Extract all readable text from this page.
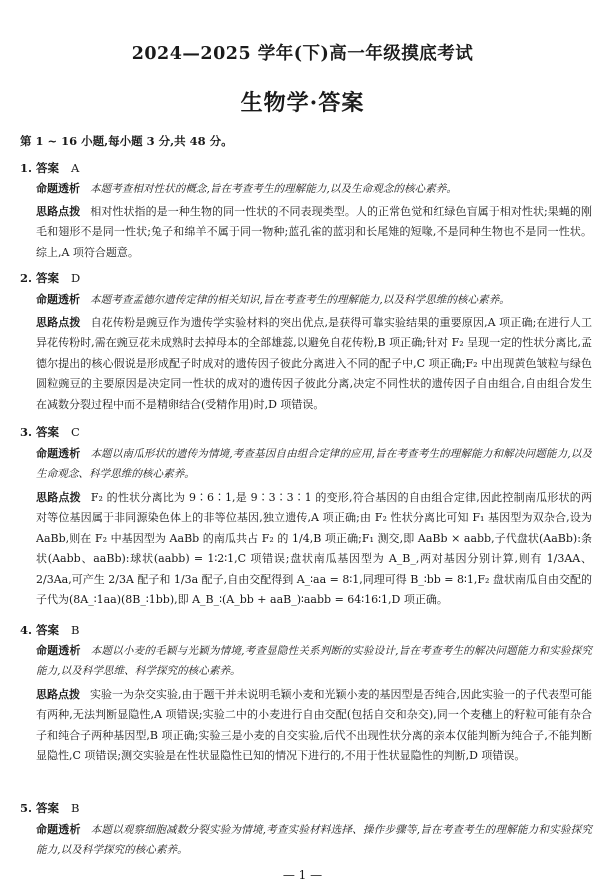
2024—2025 学年(下)高一年级摸底考试
生物学·答案
第 1 ~ 16 小题,每小题 3 分,共 48 分。
1. 答案 A
命题透析 本题考查相对性状的概念,旨在考查考生的理解能力,以及生命观念的核心素养。
思路点拨 相对性状指的是一种生物的同一性状的不同表现类型。人的正常色觉和红绿色盲属于相对性状;果蝇的刚毛和翅形不是同一性状;兔子和绵羊不属于同一物种;蓝孔雀的蓝羽和长尾雉的短喙,不是同种生物也不是同一性状。综上,A 项符合题意。
2. 答案 D
命题透析 本题考查孟德尔遗传定律的相关知识,旨在考查考生的理解能力,以及科学思维的核心素养。
思路点拨 自花传粉是豌豆作为遗传学实验材料的突出优点,是获得可靠实验结果的重要原因,A 项正确;在进行人工异花传粉时,需在豌豆花未成熟时去掉母本的全部雄蕊,以避免自花传粉,B 项正确;针对 F₂ 呈现一定的性状分离比,孟德尔提出的核心假说是形成配子时成对的遗传因子彼此分离进入不同的配子中,C 项正确;F₂ 中出现黄色皱粒与绿色圆粒豌豆的主要原因是决定同一性状的成对的遗传因子彼此分离,决定不同性状的遗传因子自由组合,自由组合发生在减数分裂过程中而不是精卵结合(受精作用)时,D 项错误。
3. 答案 C
命题透析 本题以南瓜形状的遗传为情境,考查基因自由组合定律的应用,旨在考查考生的理解能力和解决问题能力,以及生命观念、科学思维的核心素养。
思路点拨 F₂ 的性状分离比为 9∶6∶1,是 9∶3∶3∶1 的变形,符合基因的自由组合定律,因此控制南瓜形状的两对等位基因属于非同源染色体上的非等位基因,独立遗传,A 项正确;由 F₂ 性状分离比可知 F₁ 基因型为双杂合,设为 AaBb,则在 F₂ 中基因型为 AaBb 的南瓜共占 F₂ 的 1/4,B 项正确;F₁ 测交,即 AaBb × aabb,子代盘状(AaBb):条状(Aabb、aaBb):球状(aabb) = 1∶2∶1,C 项错误;盘状南瓜基因型为 A_B_,两对基因分别计算,则有 1/3AA、2/3Aa,可产生 2/3A 配子和 1/3a 配子,自由交配得到 A_∶aa = 8∶1,同理可得 B_∶bb = 8∶1,F₂ 盘状南瓜自由交配的子代为(8A_∶1aa)(8B_∶1bb),即 A_B_∶(A_bb + aaB_)∶aabb = 64∶16∶1,D 项正确。
4. 答案 B
命题透析 本题以小麦的毛颖与光颖为情境,考查显隐性关系判断的实验设计,旨在考查考生的解决问题能力和实验探究能力,以及科学思维、科学探究的核心素养。
思路点拨 实验一为杂交实验,由于题干并未说明毛颖小麦和光颖小麦的基因型是否纯合,因此实验一的子代表型可能有两种,无法判断显隐性,A 项错误;实验二中的小麦进行自由交配(包括自交和杂交),同一个麦穗上的籽粒可能有杂合子和纯合子两种基因型,B 项正确;实验三是小麦的自交实验,后代不出现性状分离的亲本仅能判断为纯合子,不能判断显隐性,C 项错误;测交实验是在性状显隐性已知的情况下进行的,不用于性状显隐性的判断,D 项错误。
5. 答案 B
命题透析 本题以观察细胞减数分裂实验为情境,考查实验材料选择、操作步骤等,旨在考查考生的理解能力和实验探究能力,以及科学探究的核心素养。
— 1 —
